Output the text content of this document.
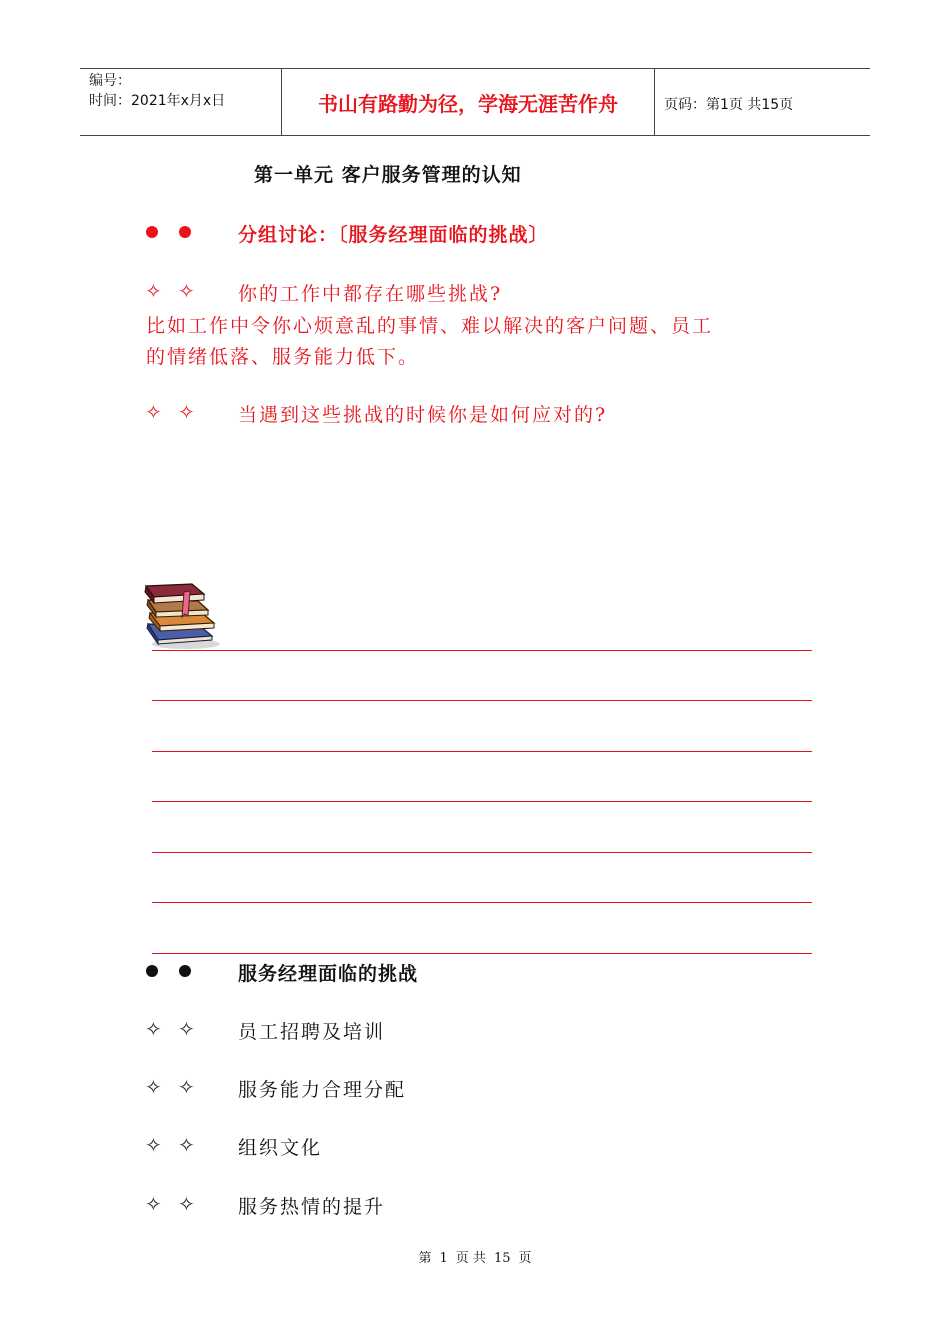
编号：
时间：2021年x月x日	书山有路勤为径，学海无涯苦作舟	页码：第1页 共15页
第一单元 客户服务管理的认知
分组讨论：〔服务经理面临的挑战〕
✧ ✧ 你的工作中都存在哪些挑战?
比如工作中令你心烦意乱的事情、难以解决的客户问题、员工
的情绪低落、服务能力低下。
✧ ✧ 当遇到这些挑战的时候你是如何应对的?
服务经理面临的挑战
✧ ✧ 员工招聘及培训
✧ ✧ 服务能力合理分配
✧ ✧ 组织文化
✧ ✧ 服务热情的提升
第 1 页 共 15 页
